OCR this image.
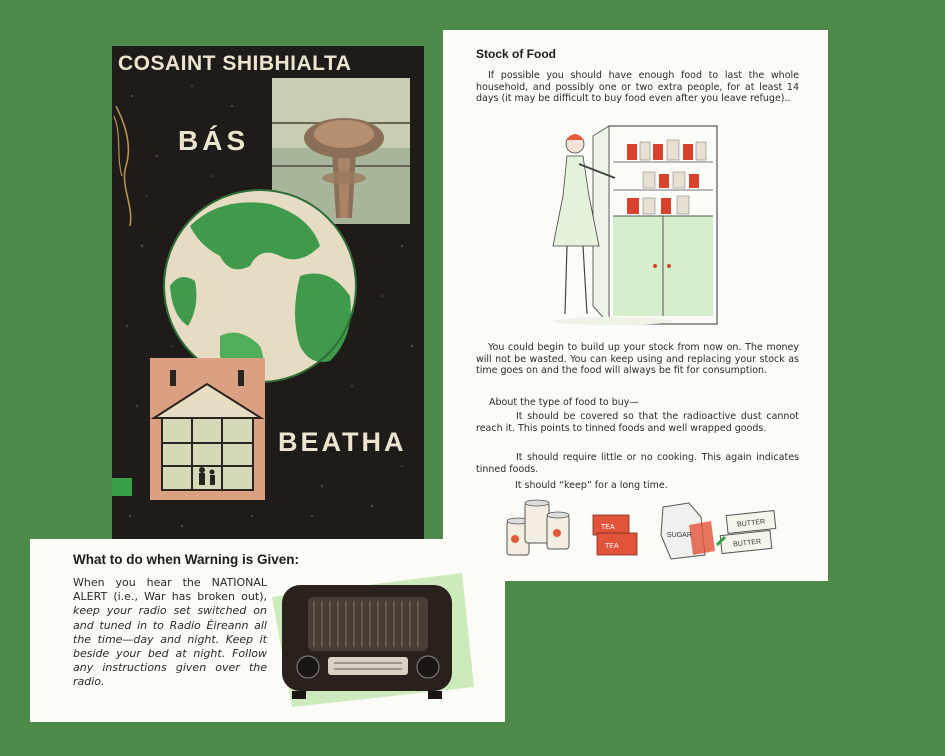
COSAINT SHIBHIALTA
BÁS
BEATHA
Stock of Food
If possible you should have enough food to last the whole household, and possibly one or two extra people, for at least 14 days (it may be difficult to buy food even after you leave refuge)..
You could begin to build up your stock from now on. The money will not be wasted. You can keep using and replacing your stock as time goes on and the food will always be fit for consumption.
About the type of food to buy—
It should be covered so that the radioactive dust cannot reach it. This points to tinned foods and well wrapped goods.
It should require little or no cooking. This again indicates tinned foods.
It should “keep” for a long time.
TEA
TEA
SUGAR
BUTTER
BUTTER
What to do when Warning is Given:
When you hear the NATIONAL ALERT (i.e., War has broken out), keep your radio set switched on and tuned in to Radio Éireann all the time—day and night. Keep it beside your bed at night. Follow any instructions given over the radio.
